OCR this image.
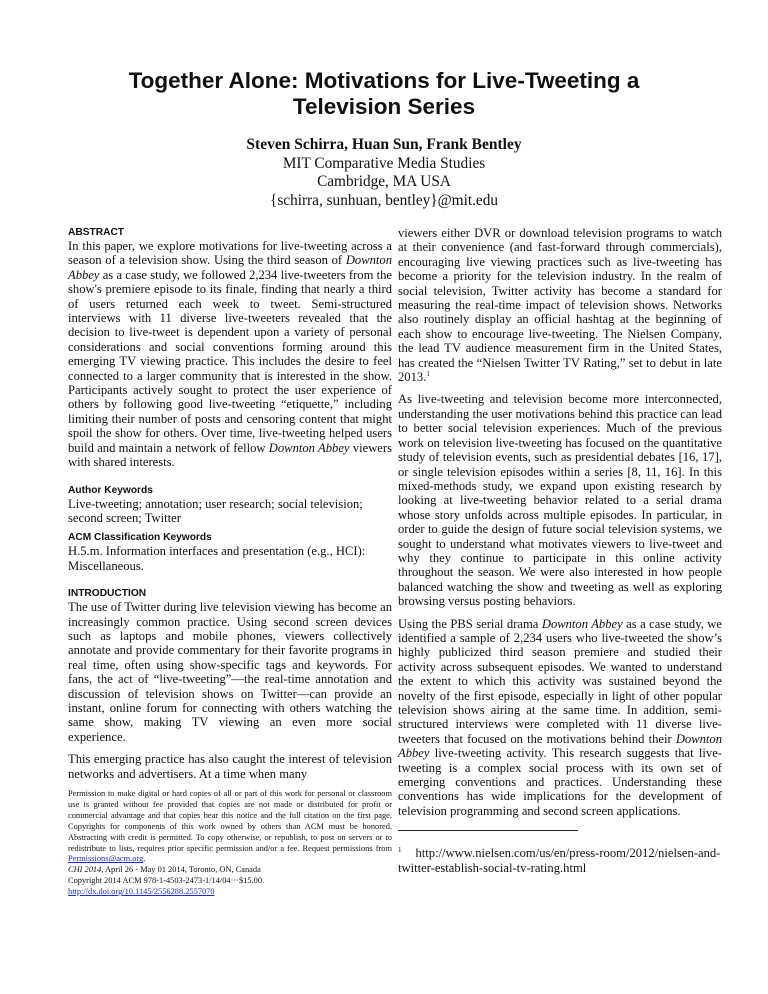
Together Alone: Motivations for Live-Tweeting a
Television Series
Steven Schirra, Huan Sun, Frank Bentley
MIT Comparative Media Studies
Cambridge, MA USA
{schirra, sunhuan, bentley}@mit.edu
ABSTRACT

In this paper, we explore motivations for live-tweeting across a season of a television show. Using the third season of Downton Abbey as a case study, we followed 2,234 live-tweeters from the show's premiere episode to its finale, finding that nearly a third of users returned each week to tweet. Semi-structured interviews with 11 diverse live-tweeters revealed that the decision to live-tweet is dependent upon a variety of personal considerations and social conventions forming around this emerging TV viewing practice. This includes the desire to feel connected to a larger community that is interested in the show. Participants actively sought to protect the user experience of others by following good live-tweeting “etiquette,” including limiting their number of posts and censoring content that might spoil the show for others. Over time, live-tweeting helped users build and maintain a network of fellow Downton Abbey viewers with shared interests.

Author Keywords

Live-tweeting; annotation; user research; social television; second screen; Twitter

ACM Classification Keywords

H.5.m. Information interfaces and presentation (e.g., HCI): Miscellaneous.

INTRODUCTION

The use of Twitter during live television viewing has become an increasingly common practice. Using second screen devices such as laptops and mobile phones, viewers collectively annotate and provide commentary for their favorite programs in real time, often using show-specific tags and keywords. For fans, the act of “live-tweeting”—the real-time annotation and discussion of television shows on Twitter—can provide an instant, online forum for connecting with others watching the same show, making TV viewing an even more social experience.

This emerging practice has also caught the interest of television networks and advertisers. At a time when many

Permission to make digital or hard copies of all or part of this work for personal or classroom use is granted without fee provided that copies are not made or distributed for profit or commercial advantage and that copies bear this notice and the full citation on the first page. Copyrights for components of this work owned by others than ACM must be honored. Abstracting with credit is permitted. To copy otherwise, or republish, to post on servers or to redistribute to lists, requires prior specific permission and/or a fee. Request permissions from Permissions@acm.org.
CHI 2014, April 26 - May 01 2014, Toronto, ON, Canada
Copyright 2014 ACM 978-1-4503-2473-1/14/04···$15.00.
http://dx.doi.org/10.1145/2556288.2557070

viewers either DVR or download television programs to watch at their convenience (and fast-forward through commercials), encouraging live viewing practices such as live-tweeting has become a priority for the television industry. In the realm of social television, Twitter activity has become a standard for measuring the real-time impact of television shows. Networks also routinely display an official hashtag at the beginning of each show to encourage live-tweeting. The Nielsen Company, the lead TV audience measurement firm in the United States, has created the “Nielsen Twitter TV Rating,” set to debut in late 2013.$^1$

As live-tweeting and television become more interconnected, understanding the user motivations behind this practice can lead to better social television experiences. Much of the previous work on television live-tweeting has focused on the quantitative study of television events, such as presidential debates [16, 17], or single television episodes within a series [8, 11, 16]. In this mixed-methods study, we expand upon existing research by looking at live-tweeting behavior related to a serial drama whose story unfolds across multiple episodes. In particular, in order to guide the design of future social television systems, we sought to understand what motivates viewers to live-tweet and why they continue to participate in this online activity throughout the season. We were also interested in how people balanced watching the show and tweeting as well as exploring browsing versus posting behaviors.

Using the PBS serial drama Downton Abbey as a case study, we identified a sample of 2,234 users who live-tweeted the show’s highly publicized third season premiere and studied their activity across subsequent episodes. We wanted to understand the extent to which this activity was sustained beyond the novelty of the first episode, especially in light of other popular television shows airing at the same time. In addition, semi-structured interviews were completed with 11 diverse live-tweeters that focused on the motivations behind their Downton Abbey live-tweeting activity. This research suggests that live-tweeting is a complex social process with its own set of emerging conventions and practices. Understanding these conventions has wide implications for the development of television programming and second screen applications.

$^1$ http://www.nielsen.com/us/en/press-room/2012/nielsen-and-twitter-establish-social-tv-rating.html
